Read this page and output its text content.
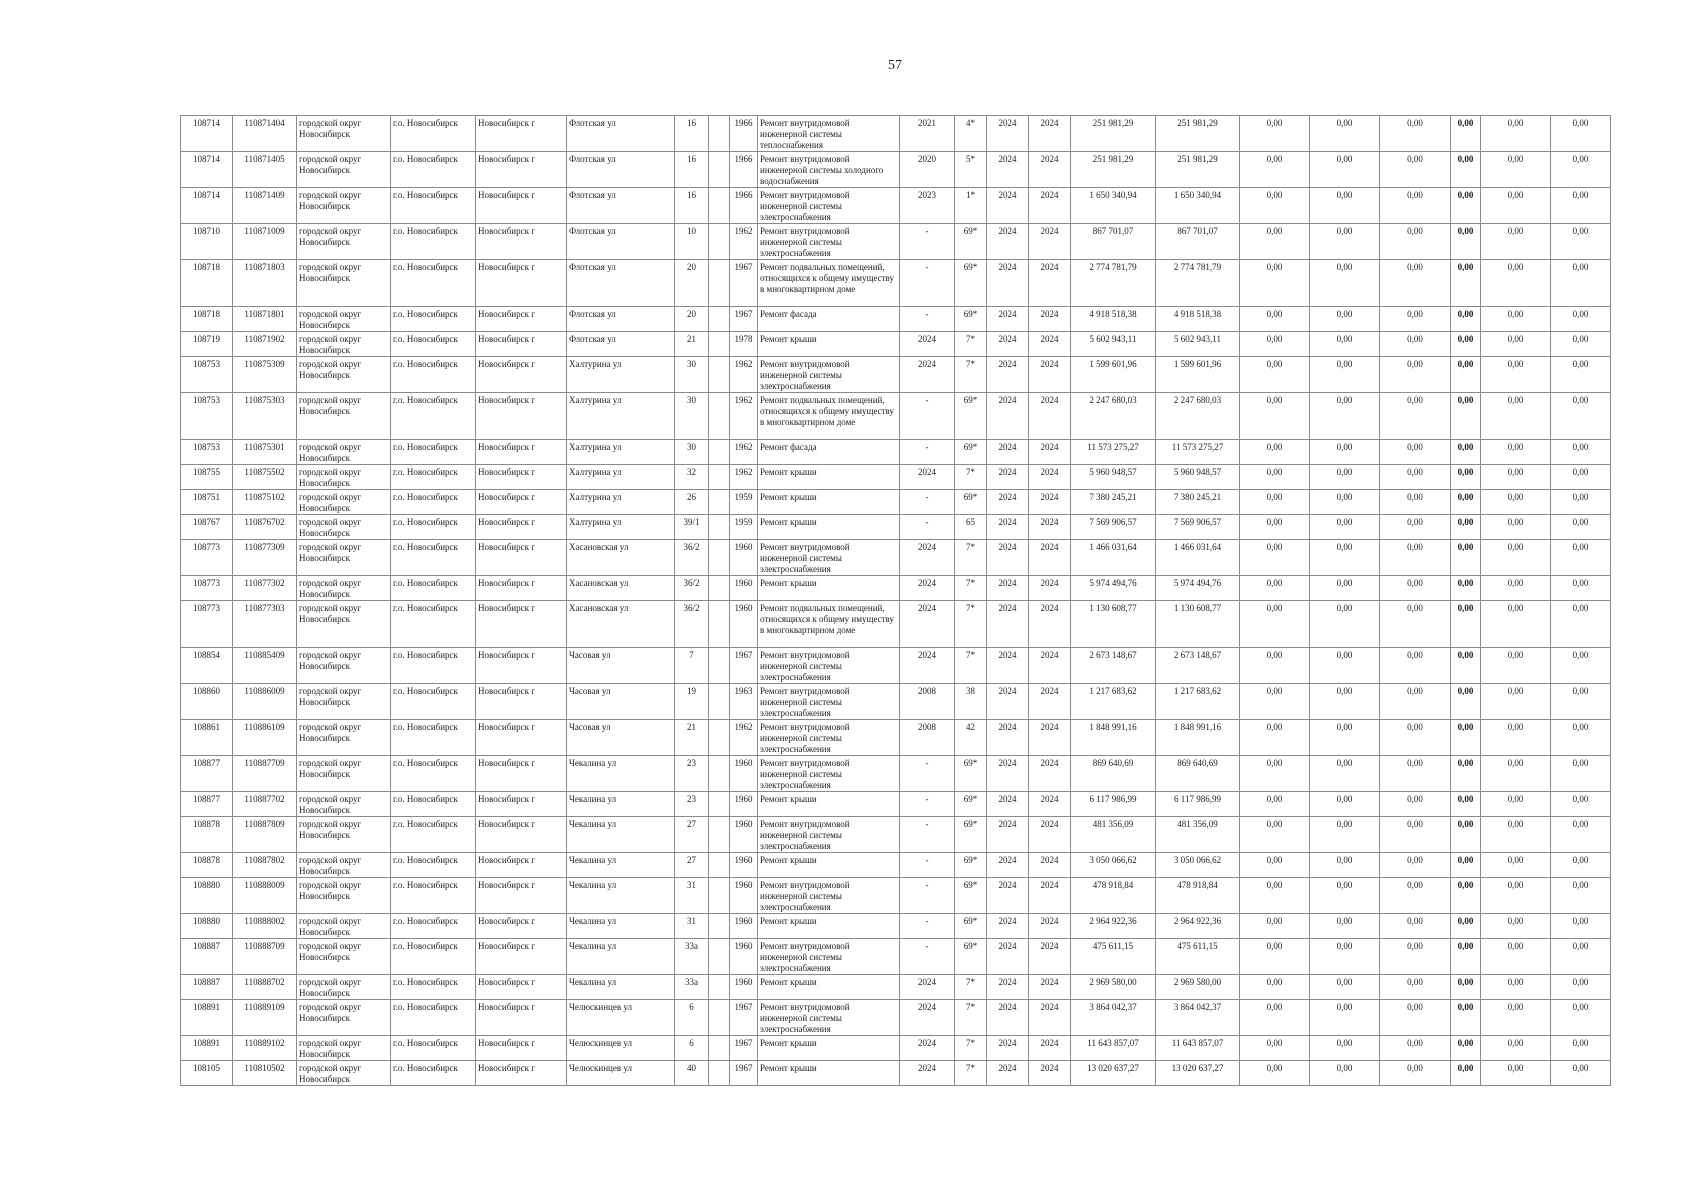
57
108714	110871404	городской округ Новосибирск	г.о. Новосибирск	Новосибирск г	Флотская ул	16		1966	Ремонт внутридомовой инженерной системы теплоснабжения	2021	4*	2024	2024	251 981,29	251 981,29	0,00	0,00	0,00	0,00	0,00	0,00
108714	110871405	городской округ Новосибирск	г.о. Новосибирск	Новосибирск г	Флотская ул	16		1966	Ремонт внутридомовой инженерной системы холодного водоснабжения	2020	5*	2024	2024	251 981,29	251 981,29	0,00	0,00	0,00	0,00	0,00	0,00
108714	110871409	городской округ Новосибирск	г.о. Новосибирск	Новосибирск г	Флотская ул	16		1966	Ремонт внутридомовой инженерной системы электроснабжения	2023	1*	2024	2024	1 650 340,94	1 650 340,94	0,00	0,00	0,00	0,00	0,00	0,00
108710	110871009	городской округ Новосибирск	г.о. Новосибирск	Новосибирск г	Флотская ул	10		1962	Ремонт внутридомовой инженерной системы электроснабжения	-	69*	2024	2024	867 701,07	867 701,07	0,00	0,00	0,00	0,00	0,00	0,00
108718	110871803	городской округ Новосибирск	г.о. Новосибирск	Новосибирск г	Флотская ул	20		1967	Ремонт подвальных помещений, относящихся к общему имуществу в многоквартирном доме	-	69*	2024	2024	2 774 781,79	2 774 781,79	0,00	0,00	0,00	0,00	0,00	0,00
108718	110871801	городской округ Новосибирск	г.о. Новосибирск	Новосибирск г	Флотская ул	20		1967	Ремонт фасада	-	69*	2024	2024	4 918 518,38	4 918 518,38	0,00	0,00	0,00	0,00	0,00	0,00
108719	110871902	городской округ Новосибирск	г.о. Новосибирск	Новосибирск г	Флотская ул	21		1978	Ремонт крыши	2024	7*	2024	2024	5 602 943,11	5 602 943,11	0,00	0,00	0,00	0,00	0,00	0,00
108753	110875309	городской округ Новосибирск	г.о. Новосибирск	Новосибирск г	Халтурина ул	30		1962	Ремонт внутридомовой инженерной системы электроснабжения	2024	7*	2024	2024	1 599 601,96	1 599 601,96	0,00	0,00	0,00	0,00	0,00	0,00
108753	110875303	городской округ Новосибирск	г.о. Новосибирск	Новосибирск г	Халтурина ул	30		1962	Ремонт подвальных помещений, относящихся к общему имуществу в многоквартирном доме	-	69*	2024	2024	2 247 680,03	2 247 680,03	0,00	0,00	0,00	0,00	0,00	0,00
108753	110875301	городской округ Новосибирск	г.о. Новосибирск	Новосибирск г	Халтурина ул	30		1962	Ремонт фасада	-	69*	2024	2024	11 573 275,27	11 573 275,27	0,00	0,00	0,00	0,00	0,00	0,00
108755	110875502	городской округ Новосибирск	г.о. Новосибирск	Новосибирск г	Халтурина ул	32		1962	Ремонт крыши	2024	7*	2024	2024	5 960 948,57	5 960 948,57	0,00	0,00	0,00	0,00	0,00	0,00
108751	110875102	городской округ Новосибирск	г.о. Новосибирск	Новосибирск г	Халтурина ул	26		1959	Ремонт крыши	-	69*	2024	2024	7 380 245,21	7 380 245,21	0,00	0,00	0,00	0,00	0,00	0,00
108767	110876702	городской округ Новосибирск	г.о. Новосибирск	Новосибирск г	Халтурина ул	39/1		1959	Ремонт крыши	-	65	2024	2024	7 569 906,57	7 569 906,57	0,00	0,00	0,00	0,00	0,00	0,00
108773	110877309	городской округ Новосибирск	г.о. Новосибирск	Новосибирск г	Хасановская ул	36/2		1960	Ремонт внутридомовой инженерной системы электроснабжения	2024	7*	2024	2024	1 466 031,64	1 466 031,64	0,00	0,00	0,00	0,00	0,00	0,00
108773	110877302	городской округ Новосибирск	г.о. Новосибирск	Новосибирск г	Хасановская ул	36/2		1960	Ремонт крыши	2024	7*	2024	2024	5 974 494,76	5 974 494,76	0,00	0,00	0,00	0,00	0,00	0,00
108773	110877303	городской округ Новосибирск	г.о. Новосибирск	Новосибирск г	Хасановская ул	36/2		1960	Ремонт подвальных помещений, относящихся к общему имуществу в многоквартирном доме	2024	7*	2024	2024	1 130 608,77	1 130 608,77	0,00	0,00	0,00	0,00	0,00	0,00
108854	110885409	городской округ Новосибирск	г.о. Новосибирск	Новосибирск г	Часовая ул	7		1967	Ремонт внутридомовой инженерной системы электроснабжения	2024	7*	2024	2024	2 673 148,67	2 673 148,67	0,00	0,00	0,00	0,00	0,00	0,00
108860	110886009	городской округ Новосибирск	г.о. Новосибирск	Новосибирск г	Часовая ул	19		1963	Ремонт внутридомовой инженерной системы электроснабжения	2008	38	2024	2024	1 217 683,62	1 217 683,62	0,00	0,00	0,00	0,00	0,00	0,00
108861	110886109	городской округ Новосибирск	г.о. Новосибирск	Новосибирск г	Часовая ул	21		1962	Ремонт внутридомовой инженерной системы электроснабжения	2008	42	2024	2024	1 848 991,16	1 848 991,16	0,00	0,00	0,00	0,00	0,00	0,00
108877	110887709	городской округ Новосибирск	г.о. Новосибирск	Новосибирск г	Чекалина ул	23		1960	Ремонт внутридомовой инженерной системы электроснабжения	-	69*	2024	2024	869 640,69	869 640,69	0,00	0,00	0,00	0,00	0,00	0,00
108877	110887702	городской округ Новосибирск	г.о. Новосибирск	Новосибирск г	Чекалина ул	23		1960	Ремонт крыши	-	69*	2024	2024	6 117 986,99	6 117 986,99	0,00	0,00	0,00	0,00	0,00	0,00
108878	110887809	городской округ Новосибирск	г.о. Новосибирск	Новосибирск г	Чекалина ул	27		1960	Ремонт внутридомовой инженерной системы электроснабжения	-	69*	2024	2024	481 356,09	481 356,09	0,00	0,00	0,00	0,00	0,00	0,00
108878	110887802	городской округ Новосибирск	г.о. Новосибирск	Новосибирск г	Чекалина ул	27		1960	Ремонт крыши	-	69*	2024	2024	3 050 066,62	3 050 066,62	0,00	0,00	0,00	0,00	0,00	0,00
108880	110888009	городской округ Новосибирск	г.о. Новосибирск	Новосибирск г	Чекалина ул	31		1960	Ремонт внутридомовой инженерной системы электроснабжения	-	69*	2024	2024	478 918,84	478 918,84	0,00	0,00	0,00	0,00	0,00	0,00
108880	110888002	городской округ Новосибирск	г.о. Новосибирск	Новосибирск г	Чекалина ул	31		1960	Ремонт крыши	-	69*	2024	2024	2 964 922,36	2 964 922,36	0,00	0,00	0,00	0,00	0,00	0,00
108887	110888709	городской округ Новосибирск	г.о. Новосибирск	Новосибирск г	Чекалина ул	33а		1960	Ремонт внутридомовой инженерной системы электроснабжения	-	69*	2024	2024	475 611,15	475 611,15	0,00	0,00	0,00	0,00	0,00	0,00
108887	110888702	городской округ Новосибирск	г.о. Новосибирск	Новосибирск г	Чекалина ул	33а		1960	Ремонт крыши	2024	7*	2024	2024	2 969 580,00	2 969 580,00	0,00	0,00	0,00	0,00	0,00	0,00
108891	110889109	городской округ Новосибирск	г.о. Новосибирск	Новосибирск г	Челюскинцев ул	6		1967	Ремонт внутридомовой инженерной системы электроснабжения	2024	7*	2024	2024	3 864 042,37	3 864 042,37	0,00	0,00	0,00	0,00	0,00	0,00
108891	110889102	городской округ Новосибирск	г.о. Новосибирск	Новосибирск г	Челюскинцев ул	6		1967	Ремонт крыши	2024	7*	2024	2024	11 643 857,07	11 643 857,07	0,00	0,00	0,00	0,00	0,00	0,00
108105	110810502	городской округ Новосибирск	г.о. Новосибирск	Новосибирск г	Челюскинцев ул	40		1967	Ремонт крыши	2024	7*	2024	2024	13 020 637,27	13 020 637,27	0,00	0,00	0,00	0,00	0,00	0,00
